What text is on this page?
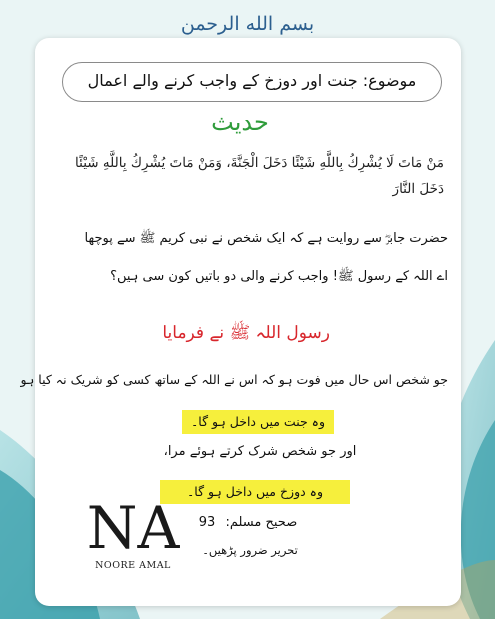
بسم الله الرحمن
موضوع: جنت اور دوزخ کے واجب کرنے والے اعمال
حدیث
مَنْ مَاتَ لَا يُشْرِكُ بِاللَّهِ شَيْئًا دَخَلَ الْجَنَّةَ، وَمَنْ مَاتَ يُشْرِكُ بِاللَّهِ شَيْئًا دَخَلَ النَّارَ
حضرت جابرؓ سے روایت ہے کہ ایک شخص نے نبی کریم ﷺ سے پوچھا
اے اللہ کے رسول ﷺ! واجب کرنے والی دو باتیں کون سی ہیں؟
رسول اللہ ﷺ نے فرمایا
جو شخص اس حال میں فوت ہو کہ اس نے اللہ کے ساتھ کسی کو شریک نہ کیا ہو
وہ جنت میں داخل ہو گا۔
اور جو شخص شرک کرتے ہوئے مرا،
وہ دوزخ میں داخل ہو گا۔
صحیح مسلم: 93
تحریر ضرور پڑھیں۔
NA
NOORE AMAL
